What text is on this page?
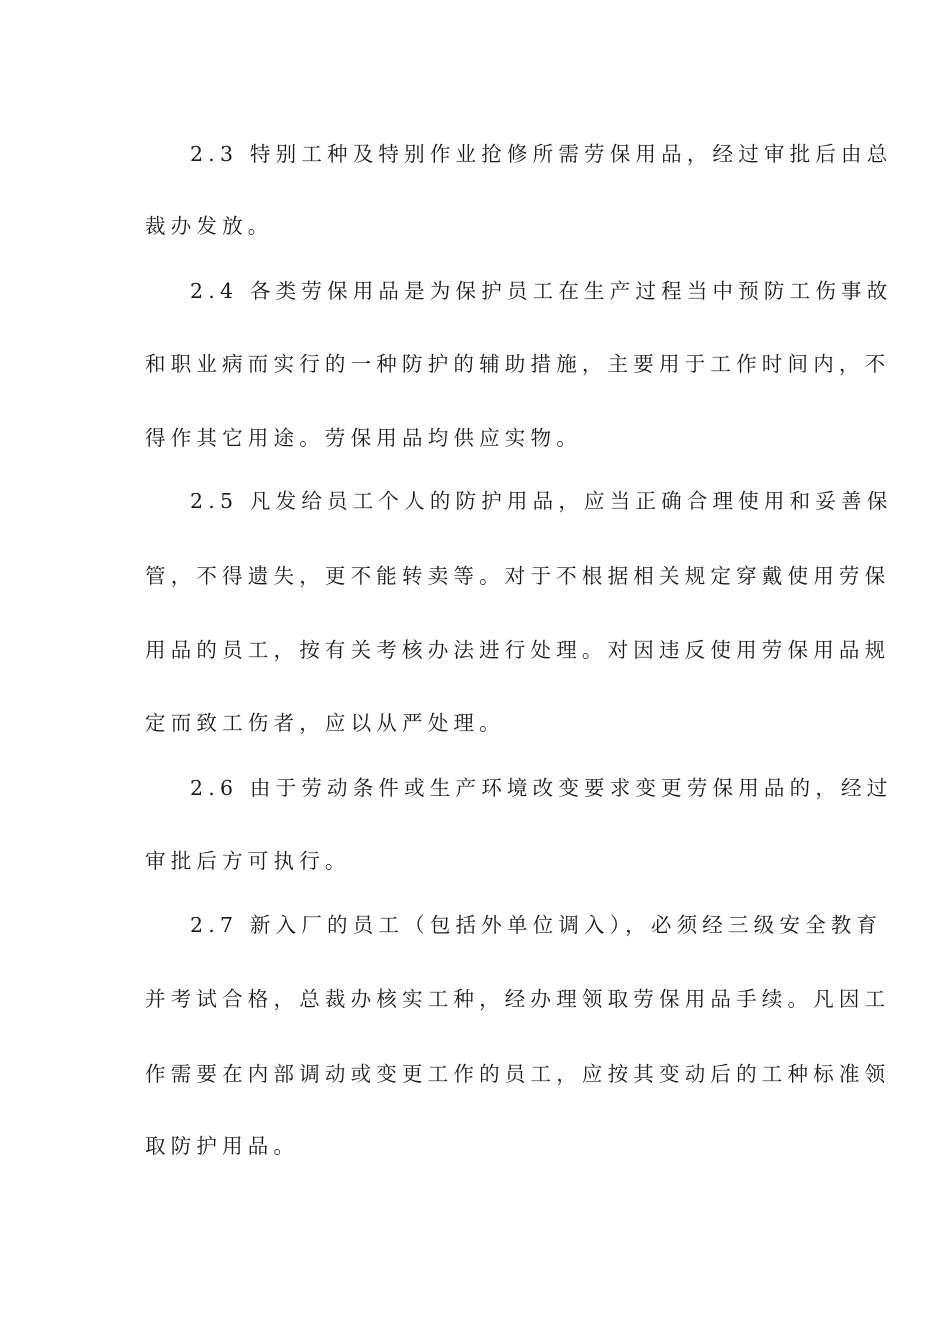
2.3 特别工种及特别作业抢修所需劳保用品，经过审批后由总
裁办发放。
2.4 各类劳保用品是为保护员工在生产过程当中预防工伤事故
和职业病而实行的一种防护的辅助措施，主要用于工作时间内，不
得作其它用途。劳保用品均供应实物。
2.5 凡发给员工个人的防护用品，应当正确合理使用和妥善保
管，不得遗失，更不能转卖等。对于不根据相关规定穿戴使用劳保
用品的员工，按有关考核办法进行处理。对因违反使用劳保用品规
定而致工伤者，应以从严处理。
2.6 由于劳动条件或生产环境改变要求变更劳保用品的，经过
审批后方可执行。
2.7 新入厂的员工（包括外单位调入），必须经三级安全教育
并考试合格，总裁办核实工种，经办理领取劳保用品手续。凡因工
作需要在内部调动或变更工作的员工，应按其变动后的工种标准领
取防护用品。
